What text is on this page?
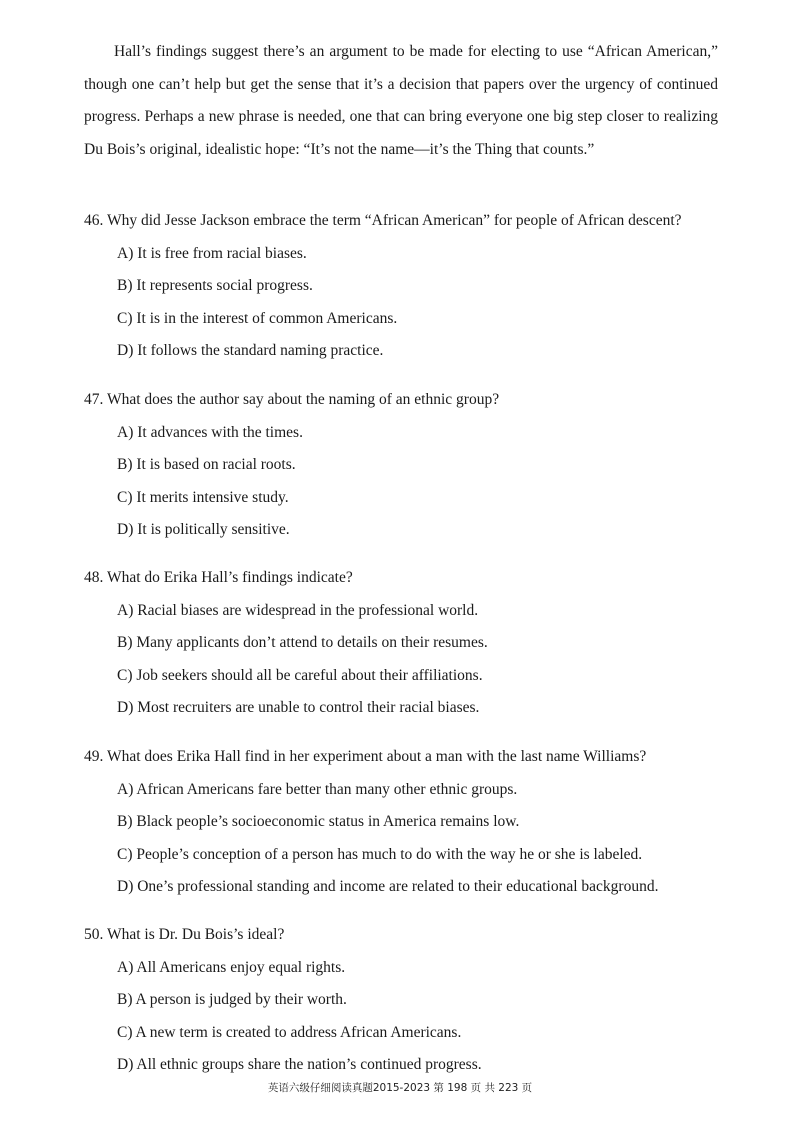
Hall’s findings suggest there’s an argument to be made for electing to use “African American,” though one can’t help but get the sense that it’s a decision that papers over the urgency of continued progress. Perhaps a new phrase is needed, one that can bring everyone one big step closer to realizing Du Bois’s original, idealistic hope: “It’s not the name—it’s the Thing that counts.”

46. Why did Jesse Jackson embrace the term “African American” for people of African descent?

A) It is free from racial biases.

B) It represents social progress.

C) It is in the interest of common Americans.

D) It follows the standard naming practice.

47. What does the author say about the naming of an ethnic group?

A) It advances with the times.

B) It is based on racial roots.

C) It merits intensive study.

D) It is politically sensitive.

48. What do Erika Hall’s findings indicate?

A) Racial biases are widespread in the professional world.

B) Many applicants don’t attend to details on their resumes.

C) Job seekers should all be careful about their affiliations.

D) Most recruiters are unable to control their racial biases.

49. What does Erika Hall find in her experiment about a man with the last name Williams?

A) African Americans fare better than many other ethnic groups.

B) Black people’s socioeconomic status in America remains low.

C) People’s conception of a person has much to do with the way he or she is labeled.

D) One’s professional standing and income are related to their educational background.

50. What is Dr. Du Bois’s ideal?

A) All Americans enjoy equal rights.

B) A person is judged by their worth.

C) A new term is created to address African Americans.

D) All ethnic groups share the nation’s continued progress.

英语六级仔细阅读真题2015-2023 第 198 页 共 223 页
